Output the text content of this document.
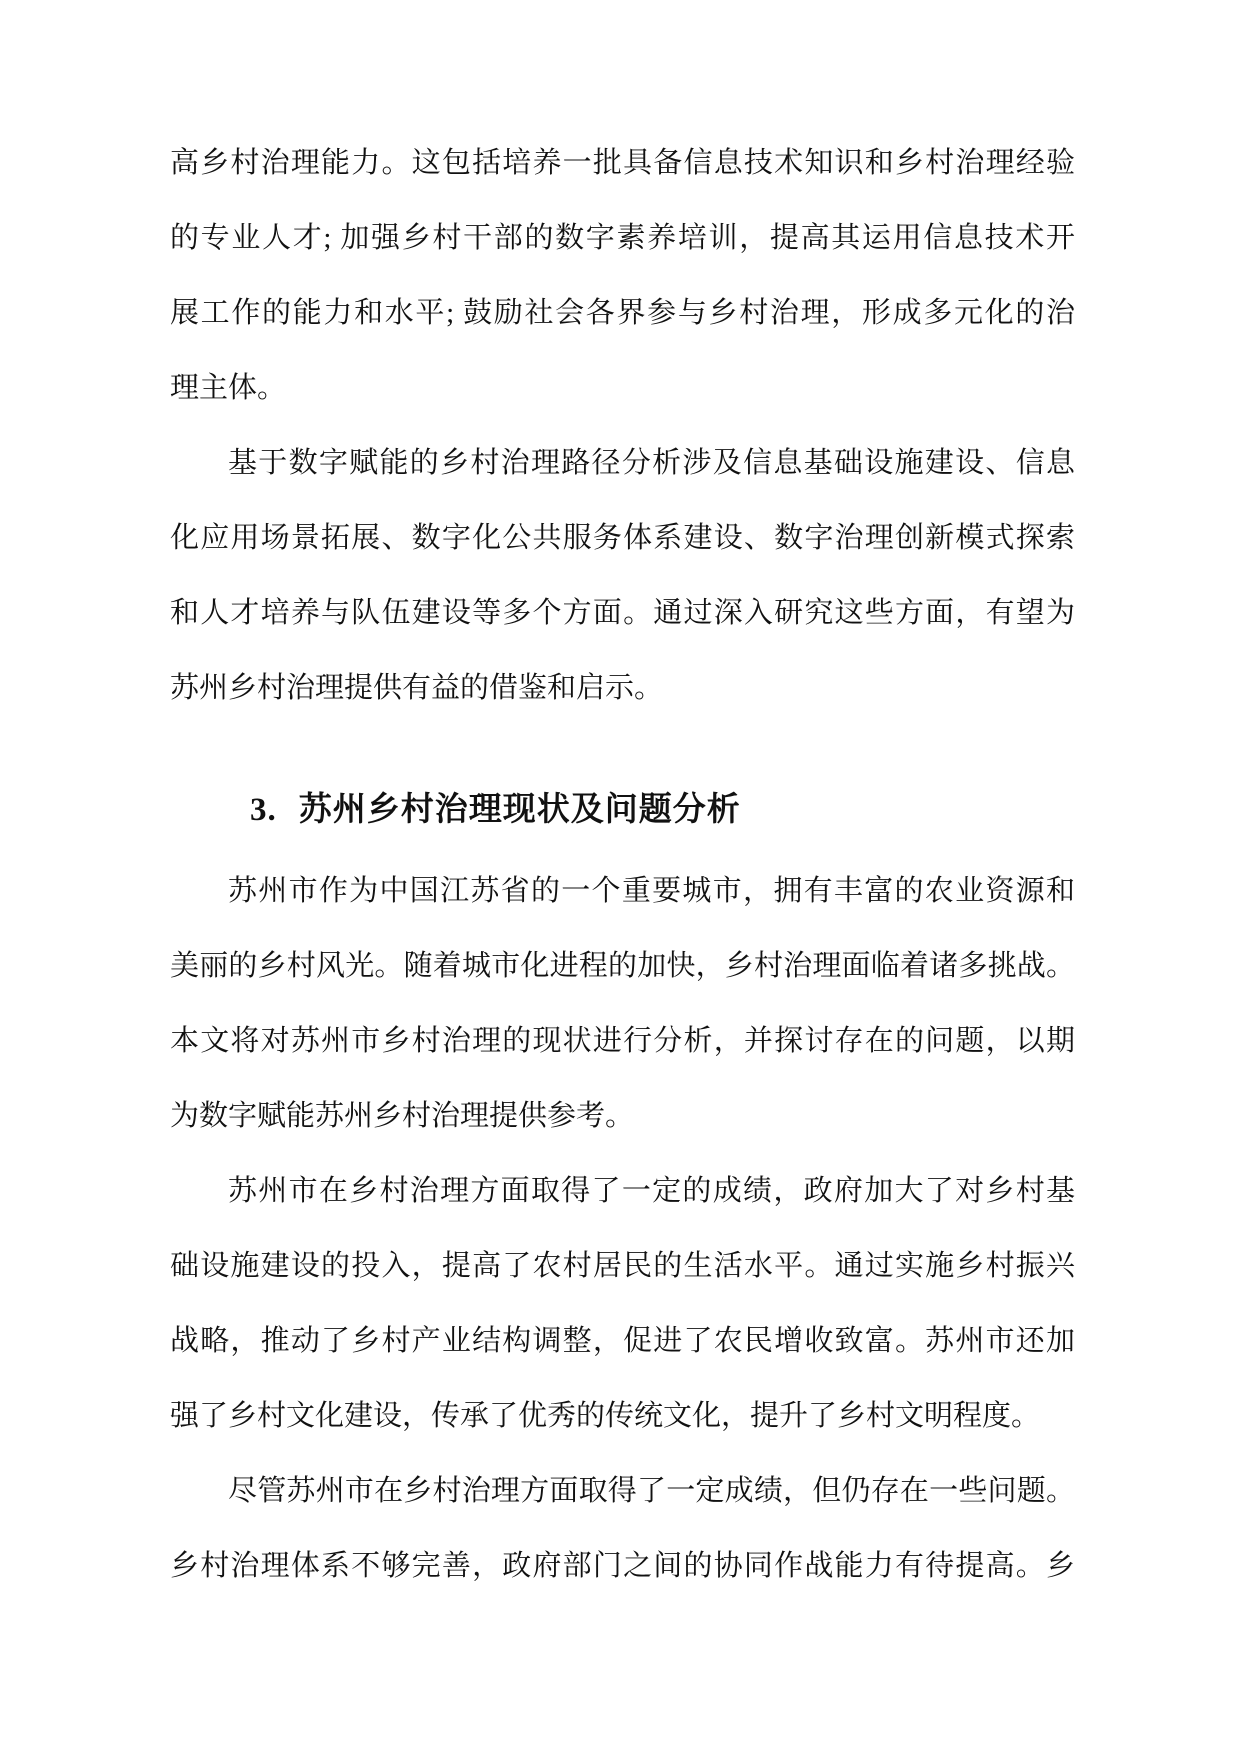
高乡村治理能力。这包括培养一批具备信息技术知识和乡村治理经验
的专业人才; 加强乡村干部的数字素养培训，提高其运用信息技术开
展工作的能力和水平; 鼓励社会各界参与乡村治理，形成多元化的治
理主体。
基于数字赋能的乡村治理路径分析涉及信息基础设施建设、信息
化应用场景拓展、数字化公共服务体系建设、数字治理创新模式探索
和人才培养与队伍建设等多个方面。通过深入研究这些方面，有望为
苏州乡村治理提供有益的借鉴和启示。
3. 苏州乡村治理现状及问题分析
苏州市作为中国江苏省的一个重要城市，拥有丰富的农业资源和
美丽的乡村风光。随着城市化进程的加快，乡村治理面临着诸多挑战。
本文将对苏州市乡村治理的现状进行分析，并探讨存在的问题，以期
为数字赋能苏州乡村治理提供参考。
苏州市在乡村治理方面取得了一定的成绩，政府加大了对乡村基
础设施建设的投入，提高了农村居民的生活水平。通过实施乡村振兴
战略，推动了乡村产业结构调整，促进了农民增收致富。苏州市还加
强了乡村文化建设，传承了优秀的传统文化，提升了乡村文明程度。
尽管苏州市在乡村治理方面取得了一定成绩，但仍存在一些问题。
乡村治理体系不够完善，政府部门之间的协同作战能力有待提高。乡
